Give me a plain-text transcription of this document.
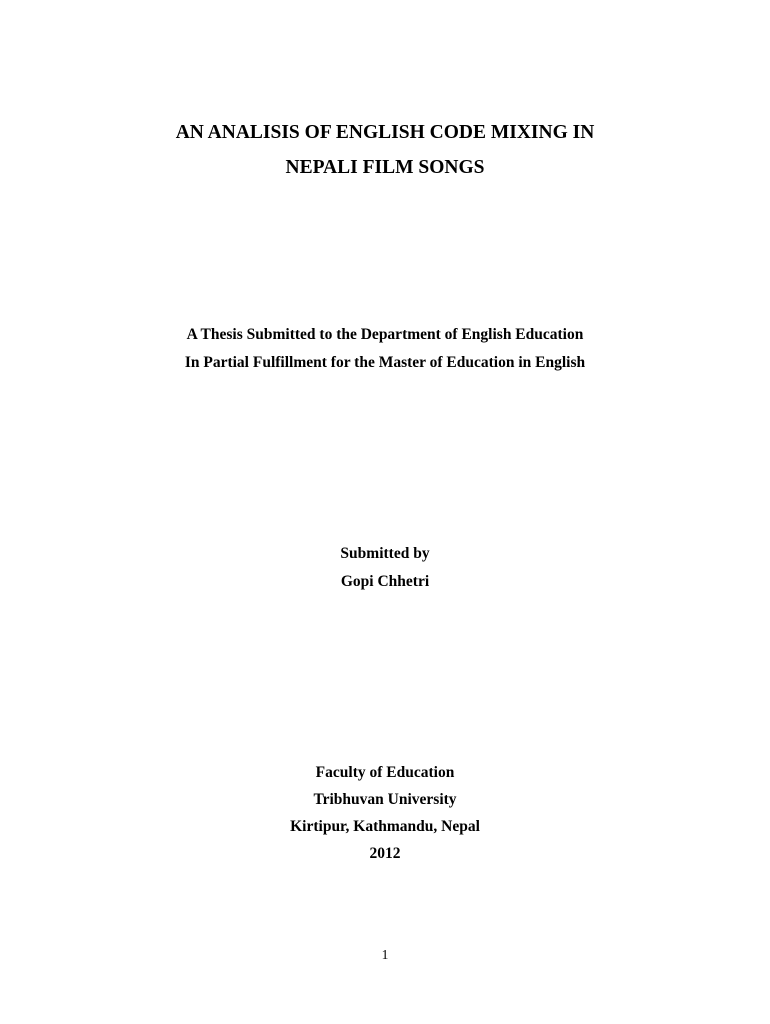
AN ANALISIS OF ENGLISH CODE MIXING IN
NEPALI FILM SONGS
A Thesis Submitted to the Department of English Education
In Partial Fulfillment for the Master of Education in English
Submitted by
Gopi Chhetri
Faculty of Education
Tribhuvan University
Kirtipur, Kathmandu, Nepal
2012
1
